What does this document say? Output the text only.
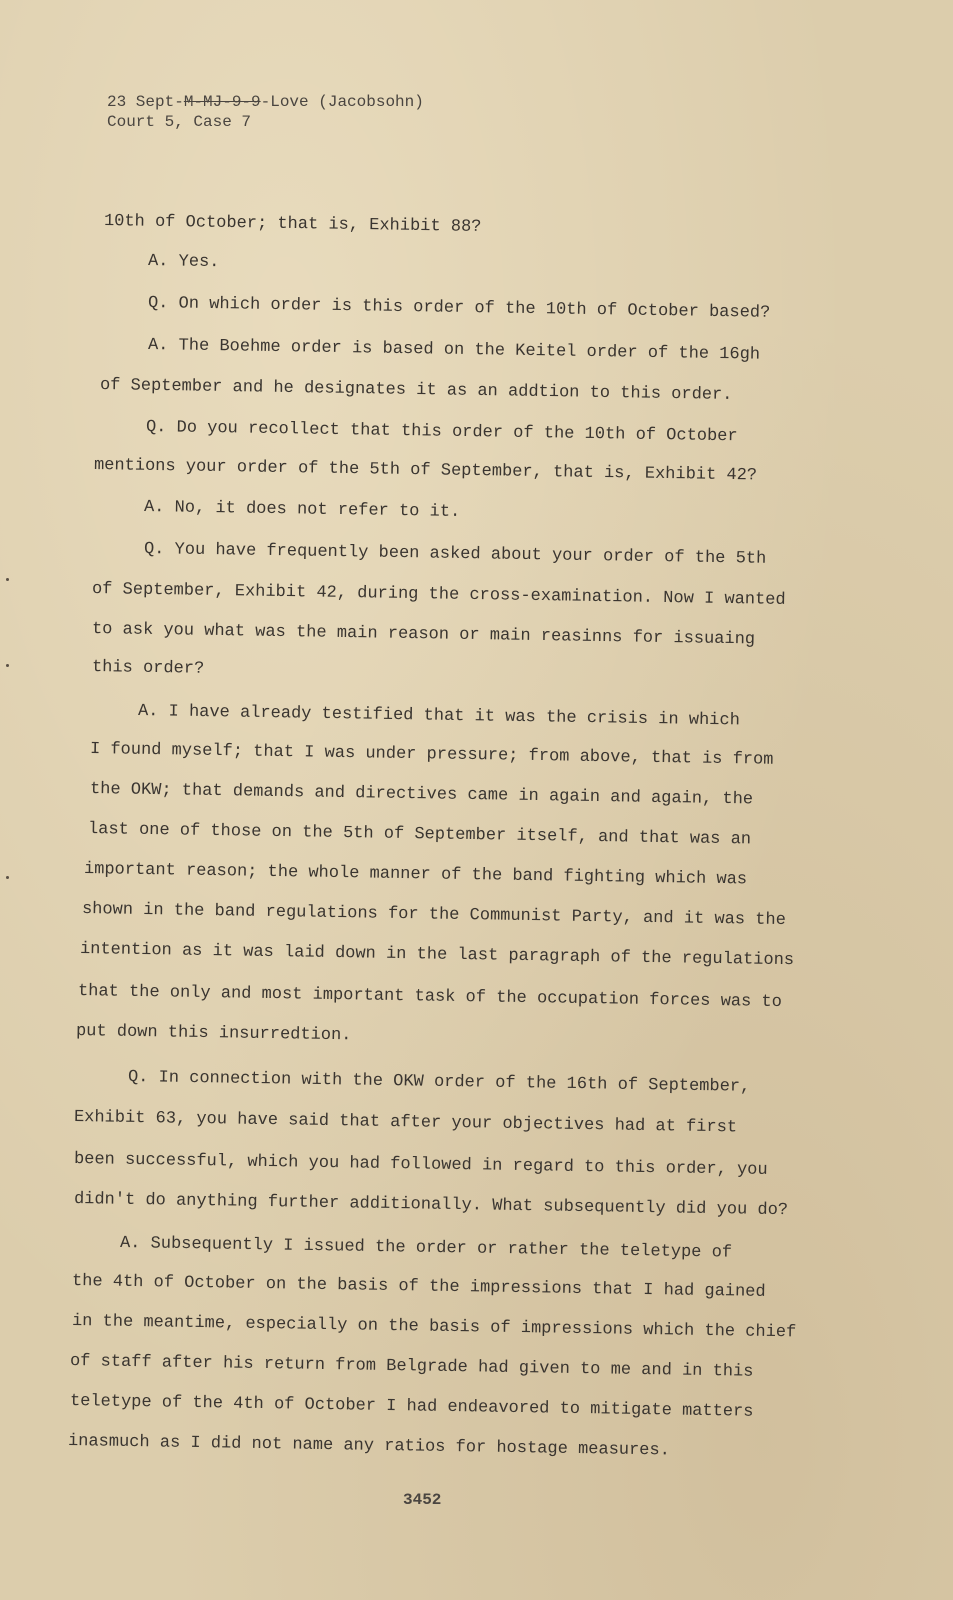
23 Sept-M-MJ-9-9-Love (Jacobsohn)
Court 5, Case 7
10th of October; that is, Exhibit 88?
A. Yes.
Q. On which order is this order of the 10th of October based?
A. The Boehme order is based on the Keitel order of the 16gh
of September and he designates it as an addtion to this order.
Q. Do you recollect that this order of the 10th of October
mentions your order of the 5th of September, that is, Exhibit 42?
A. No, it does not refer to it.
Q. You have frequently been asked about your order of the 5th
of September, Exhibit 42, during the cross-examination. Now I wanted
to ask you what was the main reason or main reasinns for issuaing
this order?
A. I have already testified that it was the crisis in which
I found myself; that I was under pressure; from above, that is from
the OKW; that demands and directives came in again and again, the
last one of those on the 5th of September itself, and that was an
important reason; the whole manner of the band fighting which was
shown in the band regulations for the Communist Party, and it was the
intention as it was laid down in the last paragraph of the regulations
that the only and most important task of the occupation forces was to
put down this insurredtion.
Q. In connection with the OKW order of the 16th of September,
Exhibit 63, you have said that after your objectives had at first
been successful, which you had followed in regard to this order, you
didn't do anything further additionally. What subsequently did you do?
A. Subsequently I issued the order or rather the teletype of
the 4th of October on the basis of the impressions that I had gained
in the meantime, especially on the basis of impressions which the chief
of staff after his return from Belgrade had given to me and in this
teletype of the 4th of October I had endeavored to mitigate matters
inasmuch as I did not name any ratios for hostage measures.
3452
